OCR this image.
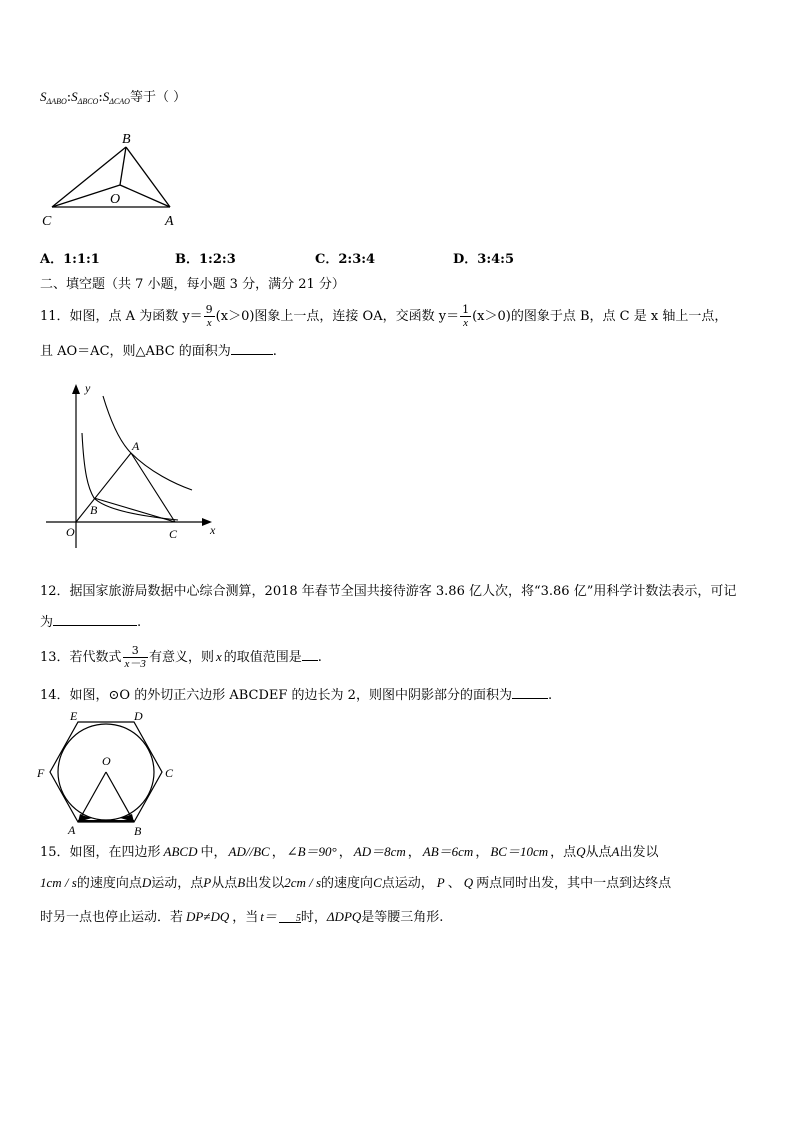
$S_{\Delta ABO}:S_{\Delta BCO}:S_{\Delta CAO}$等于（ ）
B
O
C	A
A．1:1:1	B．1:2:3	C．2:3:4	D．3:4:5
二、填空题（共 7 小题，每小题 3 分，满分 21 分）
11．如图，点 A 为函数 $y= \frac{9}{x} (x>0)$图象上一点，连接 OA，交函数 $y= \frac{1}{x} (x>0)$的图象于点 B，点 C 是 x 轴上一点，
且 AO＝AC，则△ABC 的面积为	.
y
x
O
A
B
C
12．据国家旅游局数据中心综合测算，2018 年春节全国共接待游客 3.86 亿人次，将“3.86 亿”用科学计数法表示，可记
为	.
13．若代数式 $\frac{3}{x-3}$ 有意义，则 x 的取值范围是 .
14．如图，⊙O 的外切正六边形 ABCDEF 的边长为 2，则图中阴影部分的面积为	.
E	D
F	C
O
A	B
15．如图，在四边形 ABCD 中， AD//BC ， ∠B＝90° ， AD＝8cm ， AB＝6cm ， BC＝10cm ，点Q从点A出发以
1cm / s的速度向点D运动，点P从点B出发以2cm / s的速度向C点运动， P 、 Q 两点同时出发，其中一点到达终点
时另一点也停止运动．若 DP≠DQ ，当 t＝ 5时，ΔDPQ是等腰三角形.
